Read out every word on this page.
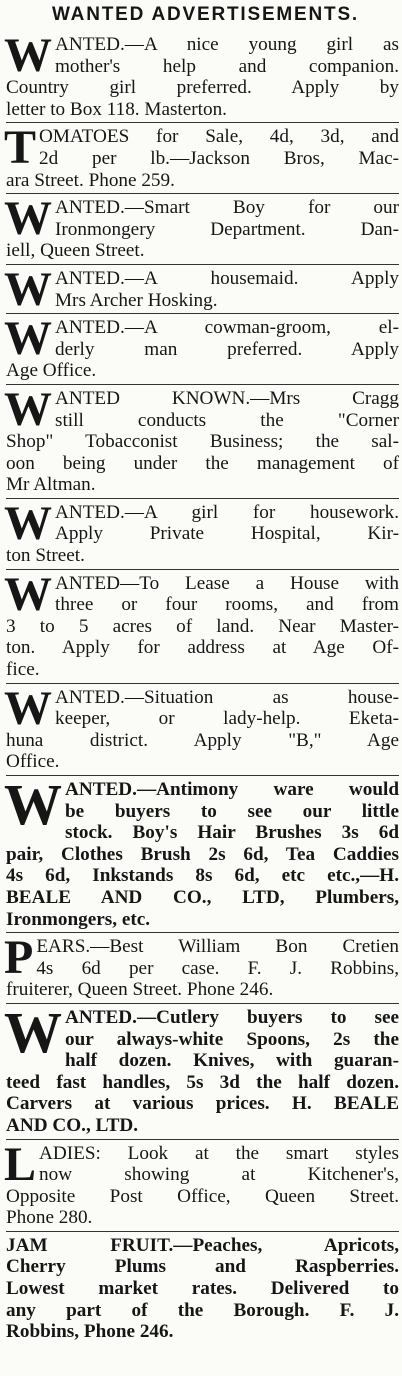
WANTED ADVERTISEMENTS.
W ANTED.—A nice young girl as
mother's help and companion.
Country girl preferred. Apply by
letter to Box 118. Masterton.
T OMATOES for Sale, 4d, 3d, and
2d per lb.—Jackson Bros, Mac-
ara Street. Phone 259.
W ANTED.—Smart Boy for our
Ironmongery Department. Dan-
iell, Queen Street.
W ANTED.—A housemaid. Apply
Mrs Archer Hosking.
W ANTED.—A cowman-groom, el-
derly man preferred. Apply
Age Office.
W ANTED KNOWN.—Mrs Cragg
still conducts the "Corner
Shop" Tobacconist Business; the sal-
oon being under the management of
Mr Altman.
W ANTED.—A girl for housework.
Apply Private Hospital, Kir-
ton Street.
W ANTED—To Lease a House with
three or four rooms, and from
3 to 5 acres of land. Near Master-
ton. Apply for address at Age Of-
fice.
W ANTED.—Situation as house-
keeper, or lady-help. Eketa-
huna district. Apply "B," Age
Office.
W ANTED.—Antimony ware would
be buyers to see our little
stock. Boy's Hair Brushes 3s 6d
pair, Clothes Brush 2s 6d, Tea Caddies
4s 6d, Inkstands 8s 6d, etc etc.,—H.
BEALE AND CO., LTD, Plumbers,
Ironmongers, etc.
P EARS.—Best William Bon Cretien
4s 6d per case. F. J. Robbins,
fruiterer, Queen Street. Phone 246.
W ANTED.—Cutlery buyers to see
our always-white Spoons, 2s the
half dozen. Knives, with guaran-
teed fast handles, 5s 3d the half dozen.
Carvers at various prices. H. BEALE
AND CO., LTD.
L ADIES: Look at the smart styles
now showing at Kitchener's,
Opposite Post Office, Queen Street.
Phone 280.
JAM FRUIT.—Peaches, Apricots,
Cherry Plums and Raspberries.
Lowest market rates. Delivered to
any part of the Borough. F. J.
Robbins, Phone 246.
